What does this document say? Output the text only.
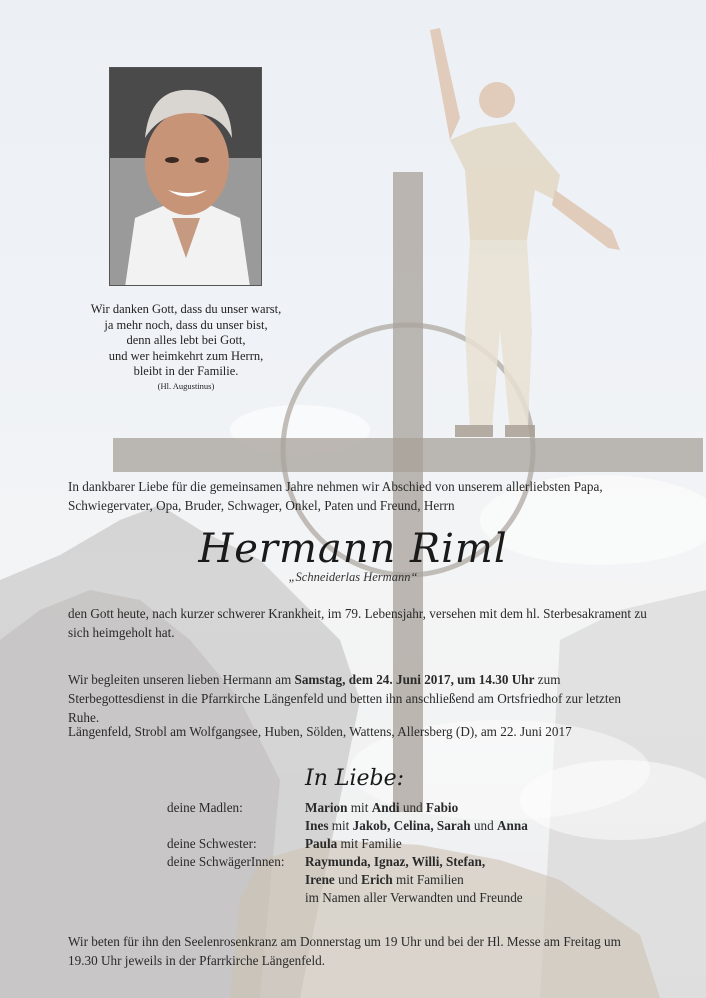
Wir danken Gott, dass du unser warst,
ja mehr noch, dass du unser bist,
denn alles lebt bei Gott,
und wer heimkehrt zum Herrn,
bleibt in der Familie.
(Hl. Augustinus)
In dankbarer Liebe für die gemeinsamen Jahre nehmen wir Abschied von unserem allerliebsten Papa, Schwiegervater, Opa, Bruder, Schwager, Onkel, Paten und Freund, Herrn
Hermann Riml
„Schneiderlas Hermann“
den Gott heute, nach kurzer schwerer Krankheit, im 79. Lebensjahr, versehen mit dem hl. Sterbesakrament zu sich heimgeholt hat.
Wir begleiten unseren lieben Hermann am Samstag, dem 24. Juni 2017, um 14.30 Uhr zum Sterbegottesdienst in die Pfarrkirche Längenfeld und betten ihn anschließend am Ortsfriedhof zur letzten Ruhe.
Längenfeld, Strobl am Wolfgangsee, Huben, Sölden, Wattens, Allersberg (D), am 22. Juni 2017
In Liebe:
deine Madlen:	Marion mit Andi und Fabio
Ines mit Jakob, Celina, Sarah und Anna
deine Schwester:	Paula mit Familie
deine SchwägerInnen: Raymunda, Ignaz, Willi, Stefan,
Irene und Erich mit Familien
im Namen aller Verwandten und Freunde
Wir beten für ihn den Seelenrosenkranz am Donnerstag um 19 Uhr und bei der Hl. Messe am Freitag um 19.30 Uhr jeweils in der Pfarrkirche Längenfeld.
